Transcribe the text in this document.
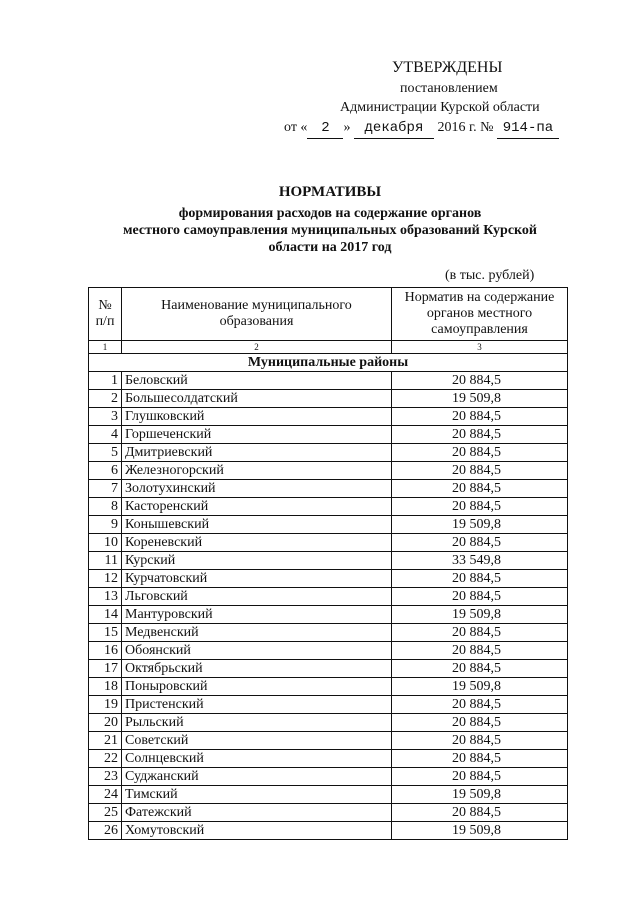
УТВЕРЖДЕНЫ
постановлением
Администрации Курской области
от « 2 » декабря 2016 г. № 914-па
НОРМАТИВЫ
формирования расходов на содержание органов
местного самоуправления муниципальных образований Курской
области на 2017 год
(в тыс. рублей)
№ п/п	Наименование муниципального образования	Норматив на содержание органов местного самоуправления
1	2	3
Муниципальные районы		
1	Беловский	20 884,5
2	Большесолдатский	19 509,8
3	Глушковский	20 884,5
4	Горшеченский	20 884,5
5	Дмитриевский	20 884,5
6	Железногорский	20 884,5
7	Золотухинский	20 884,5
8	Касторенский	20 884,5
9	Конышевский	19 509,8
10	Кореневский	20 884,5
11	Курский	33 549,8
12	Курчатовский	20 884,5
13	Льговский	20 884,5
14	Мантуровский	19 509,8
15	Медвенский	20 884,5
16	Обоянский	20 884,5
17	Октябрьский	20 884,5
18	Поныровский	19 509,8
19	Пристенский	20 884,5
20	Рыльский	20 884,5
21	Советский	20 884,5
22	Солнцевский	20 884,5
23	Суджанский	20 884,5
24	Тимский	19 509,8
25	Фатежский	20 884,5
26	Хомутовский	19 509,8
